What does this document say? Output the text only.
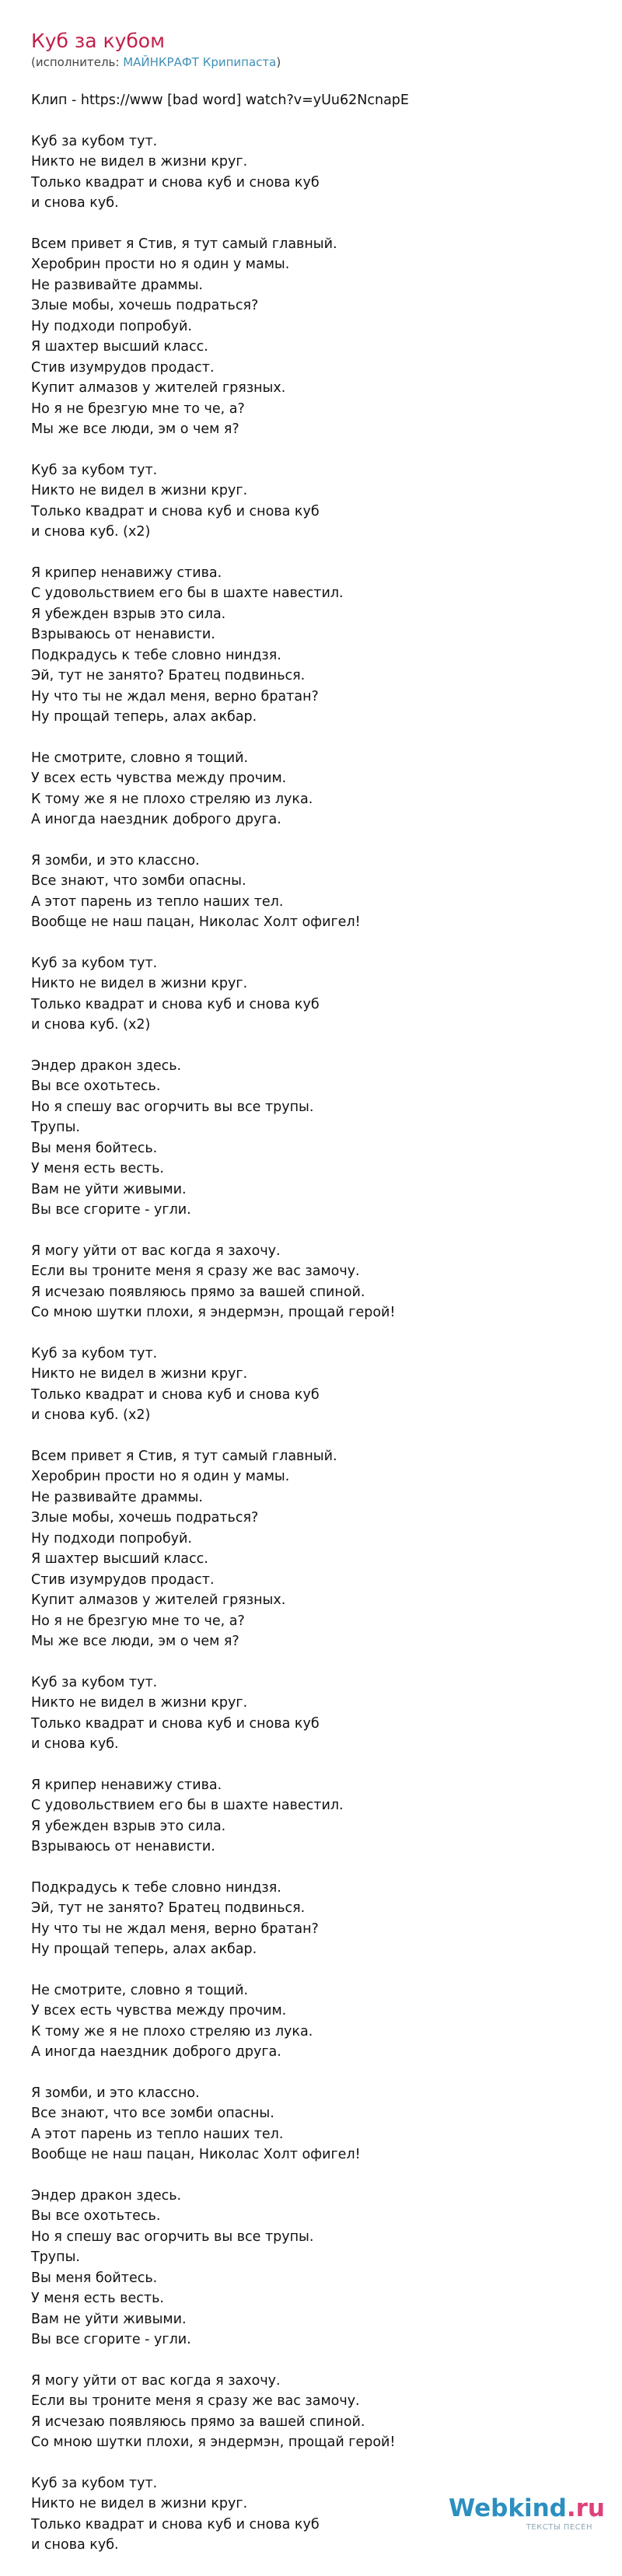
Куб за кубом
(исполнитель: МАЙНКРАФТ Крипипаста)
Клип - https://www [bad word] watch?v=yUu62NcnapE
Куб за кубом тут.
Никто не видел в жизни круг.
Только квадрат и снова куб и снова куб
и снова куб.
Всем привет я Стив, я тут самый главный.
Херобрин прости но я один у мамы.
Не развивайте драммы.
Злые мобы, хочешь подраться?
Ну подходи попробуй.
Я шахтер высший класс.
Стив изумрудов продаст.
Купит алмазов у жителей грязных.
Но я не брезгую мне то че, а?
Мы же все люди, эм о чем я?
Куб за кубом тут.
Никто не видел в жизни круг.
Только квадрат и снова куб и снова куб
и снова куб. (x2)
Я крипер ненавижу стива.
С удовольствием его бы в шахте навестил.
Я убежден взрыв это сила.
Взрываюсь от ненависти.
Подкрадусь к тебе словно ниндзя.
Эй, тут не занято? Братец подвинься.
Ну что ты не ждал меня, верно братан?
Ну прощай теперь, алах акбар.
Не смотрите, словно я тощий.
У всех есть чувства между прочим.
К тому же я не плохо стреляю из лука.
А иногда наездник доброго друга.
Я зомби, и это классно.
Все знают, что зомби опасны.
А этот парень из тепло наших тел.
Вообще не наш пацан, Николас Холт офигел!
Куб за кубом тут.
Никто не видел в жизни круг.
Только квадрат и снова куб и снова куб
и снова куб. (x2)
Эндер дракон здесь.
Вы все охотьтесь.
Но я спешу вас огорчить вы все трупы.
Трупы.
Вы меня бойтесь.
У меня есть весть.
Вам не уйти живыми.
Вы все сгорите - угли.
Я могу уйти от вас когда я захочу.
Если вы троните меня я сразу же вас замочу.
Я исчезаю появляюсь прямо за вашей спиной.
Со мною шутки плохи, я эндермэн, прощай герой!
Куб за кубом тут.
Никто не видел в жизни круг.
Только квадрат и снова куб и снова куб
и снова куб. (x2)
Всем привет я Стив, я тут самый главный.
Херобрин прости но я один у мамы.
Не развивайте драммы.
Злые мобы, хочешь подраться?
Ну подходи попробуй.
Я шахтер высший класс.
Стив изумрудов продаст.
Купит алмазов у жителей грязных.
Но я не брезгую мне то че, а?
Мы же все люди, эм о чем я?
Куб за кубом тут.
Никто не видел в жизни круг.
Только квадрат и снова куб и снова куб
и снова куб.
Я крипер ненавижу стива.
С удовольствием его бы в шахте навестил.
Я убежден взрыв это сила.
Взрываюсь от ненависти.
Подкрадусь к тебе словно ниндзя.
Эй, тут не занято? Братец подвинься.
Ну что ты не ждал меня, верно братан?
Ну прощай теперь, алах акбар.
Не смотрите, словно я тощий.
У всех есть чувства между прочим.
К тому же я не плохо стреляю из лука.
А иногда наездник доброго друга.
Я зомби, и это классно.
Все знают, что все зомби опасны.
А этот парень из тепло наших тел.
Вообще не наш пацан, Николас Холт офигел!
Эндер дракон здесь.
Вы все охотьтесь.
Но я спешу вас огорчить вы все трупы.
Трупы.
Вы меня бойтесь.
У меня есть весть.
Вам не уйти живыми.
Вы все сгорите - угли.
Я могу уйти от вас когда я захочу.
Если вы троните меня я сразу же вас замочу.
Я исчезаю появляюсь прямо за вашей спиной.
Со мною шутки плохи, я эндермэн, прощай герой!
Куб за кубом тут.
Никто не видел в жизни круг.
Только квадрат и снова куб и снова куб
и снова куб.
Webkind.ru
ТЕКСТЫ ПЕСЕН
